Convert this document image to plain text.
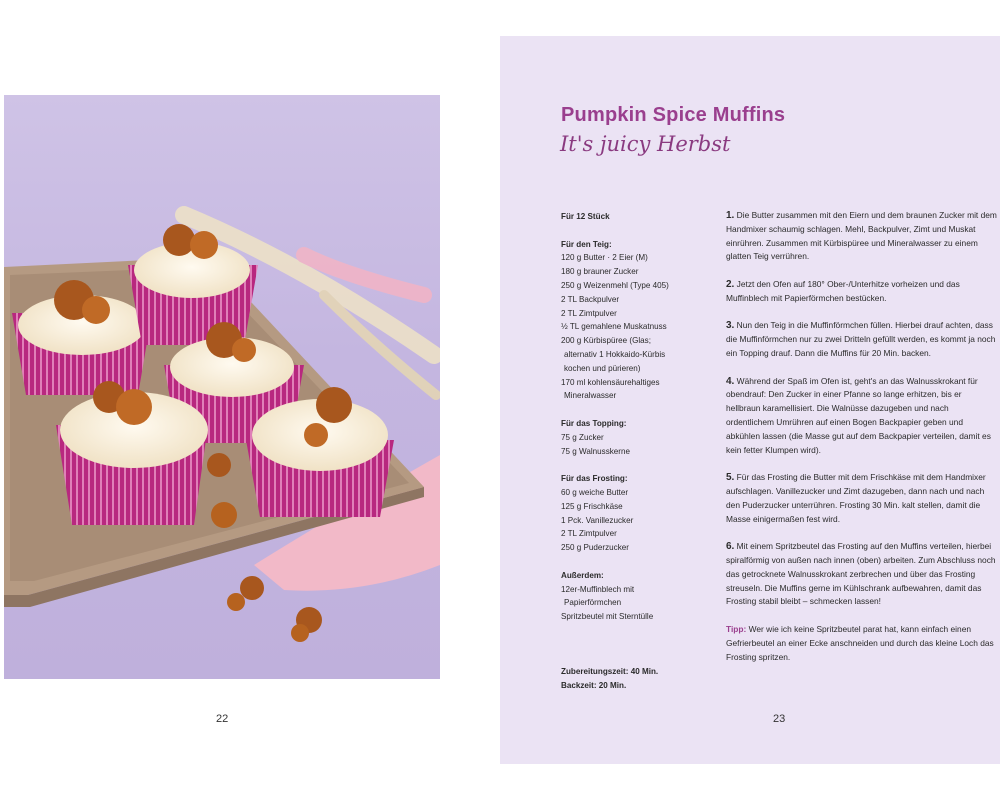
22
Pumpkin Spice Muffins
It's juicy Herbst
Für 12 Stück
Für den Teig:
120 g Butter · 2 Eier (M)
180 g brauner Zucker
250 g Weizenmehl (Type 405)
2 TL Backpulver
2 TL Zimtpulver
½ TL gemahlene Muskatnuss
200 g Kürbispüree (Glas;
alternativ 1 Hokkaido-Kürbis
kochen und pürieren)
170 ml kohlensäurehaltiges
Mineralwasser
Für das Topping:
75 g Zucker
75 g Walnusskerne
Für das Frosting:
60 g weiche Butter
125 g Frischkäse
1 Pck. Vanillezucker
2 TL Zimtpulver
250 g Puderzucker
Außerdem:
12er-Muffinblech mit
Papierförmchen
Spritzbeutel mit Sterntülle
Zubereitungszeit: 40 Min.
Backzeit: 20 Min.

1. Die Butter zusammen mit den Eiern und dem braunen Zucker mit dem Handmixer schaumig schlagen. Mehl, Backpulver, Zimt und Muskat einrühren. Zusammen mit Kürbispüree und Mineralwasser zu einem glatten Teig verrühren.

2. Jetzt den Ofen auf 180° Ober-/Unterhitze vorheizen und das Muffinblech mit Papierförmchen bestücken.

3. Nun den Teig in die Muffinförmchen füllen. Hierbei drauf achten, dass die Muffinförmchen nur zu zwei Dritteln gefüllt werden, es kommt ja noch ein Topping drauf. Dann die Muffins für 20 Min. backen.

4. Während der Spaß im Ofen ist, geht's an das Walnusskrokant für obendrauf: Den Zucker in einer Pfanne so lange erhitzen, bis er hellbraun karamellisiert. Die Walnüsse dazugeben und nach ordentlichem Umrühren auf einen Bogen Backpapier geben und abkühlen lassen (die Masse gut auf dem Backpapier verteilen, damit es kein fetter Klumpen wird).

5. Für das Frosting die Butter mit dem Frischkäse mit dem Handmixer aufschlagen. Vanillezucker und Zimt dazugeben, dann nach und nach den Puderzucker unterrühren. Frosting 30 Min. kalt stellen, damit die Masse einigermaßen fest wird.

6. Mit einem Spritzbeutel das Frosting auf den Muffins verteilen, hierbei spiralförmig von außen nach innen (oben) arbeiten. Zum Abschluss noch das getrocknete Walnusskrokant zerbrechen und über das Frosting streuseln. Die Muffins gerne im Kühlschrank aufbewahren, damit das Frosting stabil bleibt – schmecken lassen!

Tipp: Wer wie ich keine Spritzbeutel parat hat, kann einfach einen Gefrierbeutel an einer Ecke anschneiden und durch das kleine Loch das Frosting spritzen.

23
